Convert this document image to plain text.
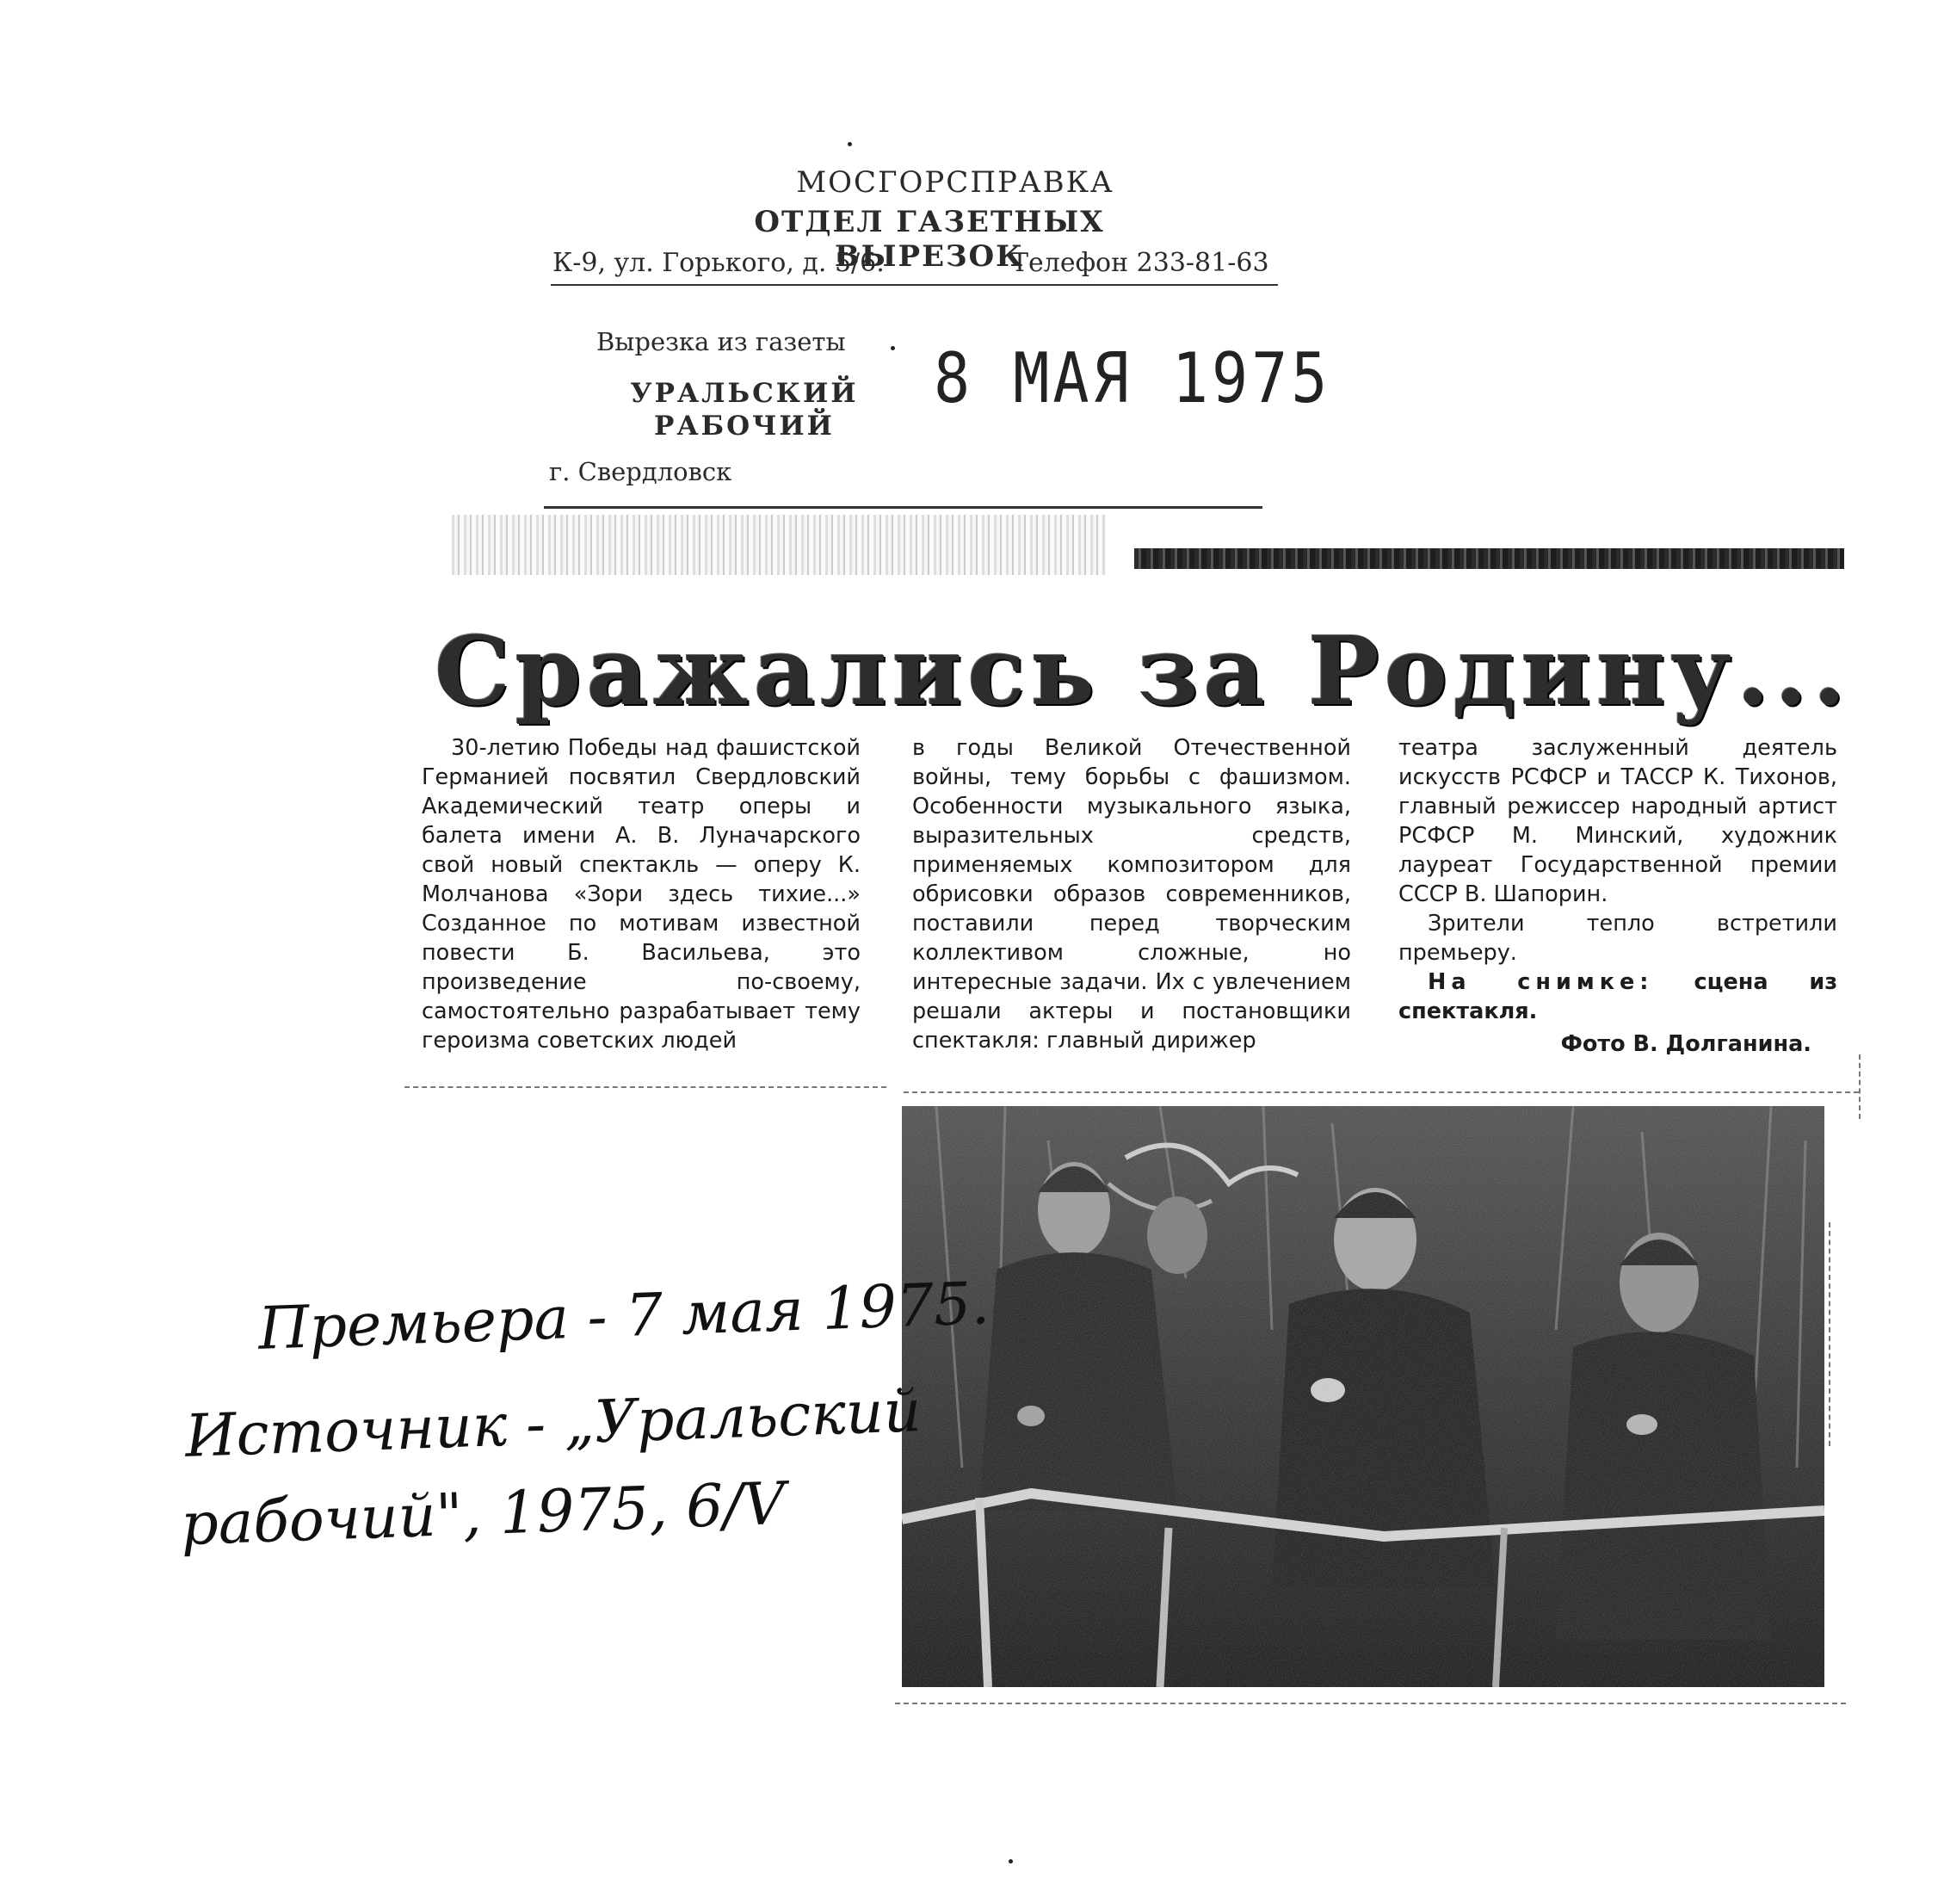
МОСГОРСПРАВКА
ОТДЕЛ ГАЗЕТНЫХ ВЫРЕЗОК
К-9, ул. Горького, д. 5/6.	Телефон 233-81-63
Вырезка из газеты
УРАЛЬСКИЙ
РАБОЧИЙ
8 МАЯ 1975
г. Свердловск
Сражались за Родину...

30-летию Победы над фашистской Германией посвятил Свердловский Академический театр оперы и балета имени А. В. Луначарского свой новый спектакль — оперу К. Молчанова «Зори здесь тихие...» Созданное по мотивам известной повести Б. Васильева, это произведение по-своему, самостоятельно разрабатывает тему героизма советских людей

в годы Великой Отечественной войны, тему борьбы с фашизмом. Особенности музыкального языка, выразительных средств, применяемых композитором для обрисовки образов современников, поставили перед творческим коллективом сложные, но интересные задачи. Их с увлечением решали актеры и постановщики спектакля: главный дирижер

театра заслуженный деятель искусств РСФСР и ТАССР К. Тихонов, главный режиссер народный артист РСФСР М. Минский, художник лауреат Государственной премии СССР В. Шапорин.

Зрители тепло встретили премьеру.

На снимке: сцена из спектакля.

Фото В. Долганина.
Премьера - 7 мая 1975.
Источник - „Уральский
рабочий", 1975, 6/V
